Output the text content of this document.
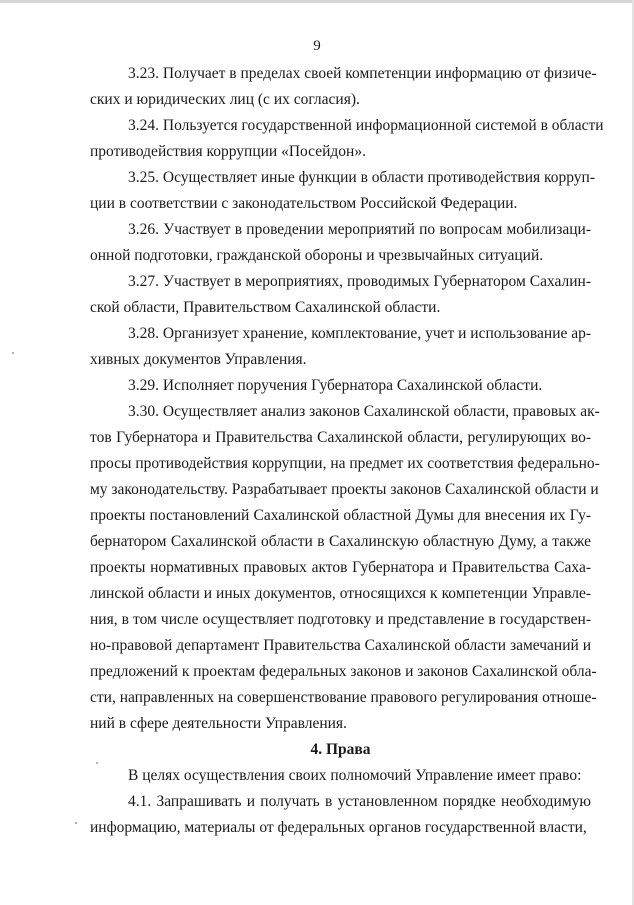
9

3.23. Получает в пределах своей компетенции информацию от физиче-
ских и юридических лиц (с их согласия).

3.24. Пользуется государственной информационной системой в области
противодействия коррупции «Посейдон».

3.25. Осуществляет иные функции в области противодействия корруп-
ции в соответствии с законодательством Российской Федерации.

3.26. Участвует в проведении мероприятий по вопросам мобилизаци-
онной подготовки, гражданской обороны и чрезвычайных ситуаций.

3.27. Участвует в мероприятиях, проводимых Губернатором Сахалин-
ской области, Правительством Сахалинской области.

3.28. Организует хранение, комплектование, учет и использование ар-
хивных документов Управления.

3.29. Исполняет поручения Губернатора Сахалинской области.

3.30. Осуществляет анализ законов Сахалинской области, правовых ак-
тов Губернатора и Правительства Сахалинской области, регулирующих во-
просы противодействия коррупции, на предмет их соответствия федерально-
му законодательству. Разрабатывает проекты законов Сахалинской области и
проекты постановлений Сахалинской областной Думы для внесения их Гу-
бернатором Сахалинской области в Сахалинскую областную Думу, а также
проекты нормативных правовых актов Губернатора и Правительства Саха-
линской области и иных документов, относящихся к компетенции Управле-
ния, в том числе осуществляет подготовку и представление в государствен-
но-правовой департамент Правительства Сахалинской области замечаний и
предложений к проектам федеральных законов и законов Сахалинской обла-
сти, направленных на совершенствование правового регулирования отноше-
ний в сфере деятельности Управления.

4. Права

В целях осуществления своих полномочий Управление имеет право:

4.1. Запрашивать и получать в установленном порядке необходимую
информацию, материалы от федеральных органов государственной власти,
